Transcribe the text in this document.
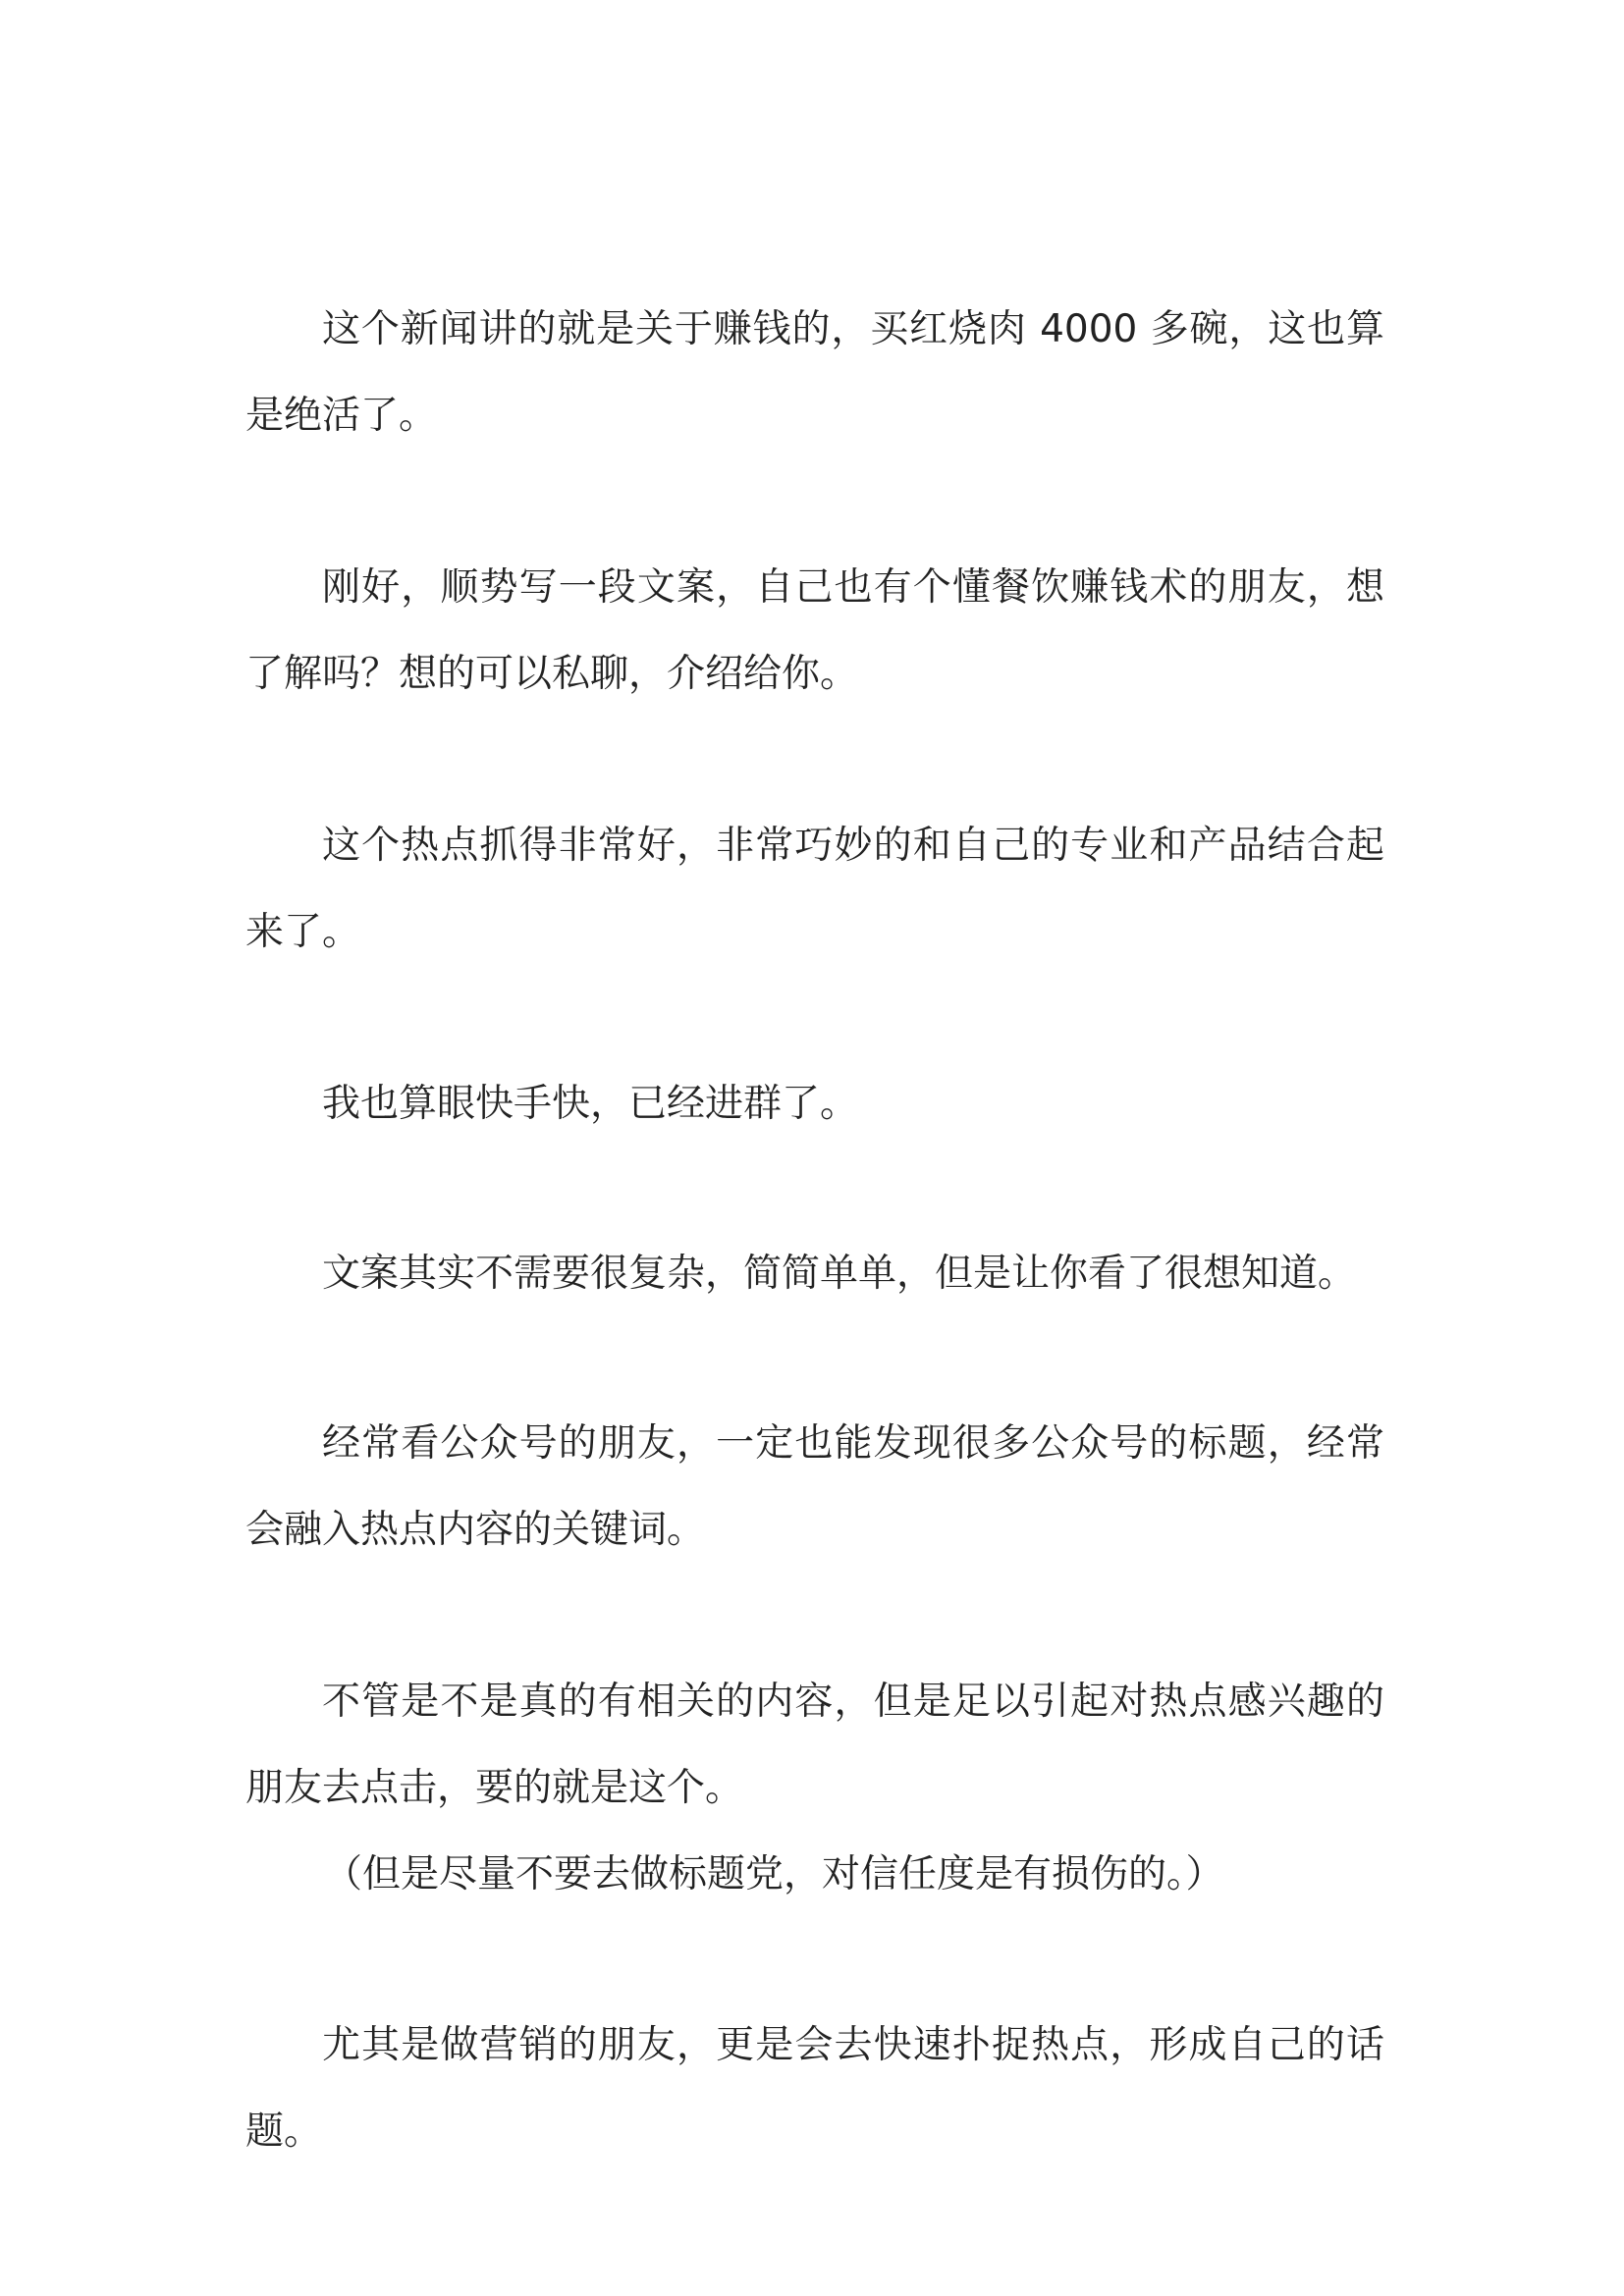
这个新闻讲的就是关于赚钱的，买红烧肉 4000 多碗，这也算是绝活了。

刚好，顺势写一段文案，自己也有个懂餐饮赚钱术的朋友，想了解吗？想的可以私聊，介绍给你。

这个热点抓得非常好，非常巧妙的和自己的专业和产品结合起来了。

我也算眼快手快，已经进群了。

文案其实不需要很复杂，简简单单，但是让你看了很想知道。

经常看公众号的朋友，一定也能发现很多公众号的标题，经常会融入热点内容的关键词。

不管是不是真的有相关的内容，但是足以引起对热点感兴趣的朋友去点击，要的就是这个。

（但是尽量不要去做标题党，对信任度是有损伤的。）

尤其是做营销的朋友，更是会去快速扑捉热点，形成自己的话题。
